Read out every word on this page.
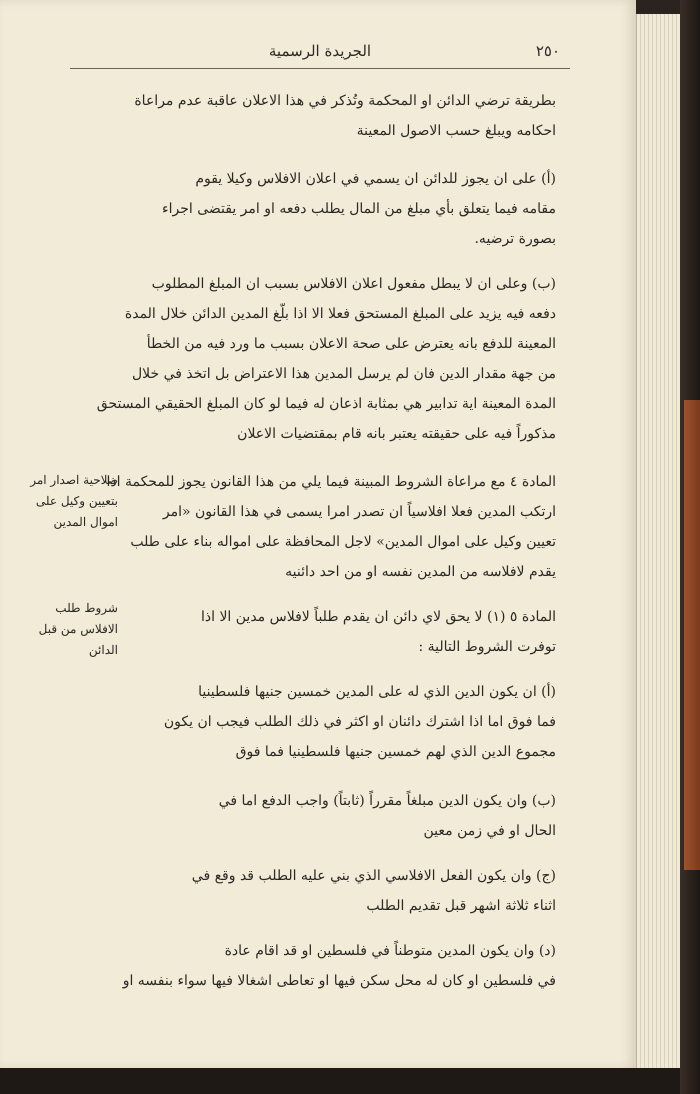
٢٥٠
الجريدة الرسمية
بطريقة ترضي الدائن او المحكمة وتُذكر في هذا الاعلان عاقبة عدم مراعاة
احكامه ويبلغ حسب الاصول المعينة
(أ) على ان يجوز للدائن ان يسمي في اعلان الافلاس وكيلا يقوم
مقامه فيما يتعلق بأي مبلغ من المال يطلب دفعه او امر يقتضى اجراء
بصورة ترضيه.
(ب) وعلى ان لا يبطل مفعول اعلان الافلاس بسبب ان المبلغ المطلوب
دفعه فيه يزيد على المبلغ المستحق فعلا الا اذا بلّغ المدين الدائن خلال المدة
المعينة للدفع بانه يعترض على صحة الاعلان بسبب ما ورد فيه من الخطأ
من جهة مقدار الدين فان لم يرسل المدين هذا الاعتراض بل اتخذ في خلال
المدة المعينة اية تدابير هي بمثابة اذعان له فيما لو كان المبلغ الحقيقي المستحق
مذكوراً فيه على حقيقته يعتبر بانه قام بمقتضيات الاعلان
المادة ٤ مع مراعاة الشروط المبينة فيما يلي من هذا القانون يجوز للمحكمة اذا
ارتكب المدين فعلا افلاسياً ان تصدر امرا يسمى في هذا القانون «امر
تعيين وكيل على اموال المدين» لاجل المحافظة على امواله بناء على طلب
يقدم لافلاسه من المدين نفسه او من احد دائنيه
المادة ٥ (١) لا يحق لاي دائن ان يقدم طلباً لافلاس مدين الا اذا
توفرت الشروط التالية :
(أ) ان يكون الدين الذي له على المدين خمسين جنيها فلسطينيا
فما فوق اما اذا اشترك دائنان او اكثر في ذلك الطلب فيجب ان يكون
مجموع الدين الذي لهم خمسين جنيها فلسطينيا فما فوق
(ب) وان يكون الدين مبلغاً مقرراً (ثابتاً) واجب الدفع اما في
الحال او في زمن معين
(ج) وان يكون الفعل الافلاسي الذي بني عليه الطلب قد وقع في
اثناء ثلاثة اشهر قبل تقديم الطلب
(د) وان يكون المدين متوطناً في فلسطين او قد اقام عادة
في فلسطين او كان له محل سكن فيها او تعاطى اشغالا فيها سواء بنفسه او
صلاحية اصدار امر
بتعيين وكيل على
اموال المدين
شروط طلب
الافلاس من قبل
الدائن
